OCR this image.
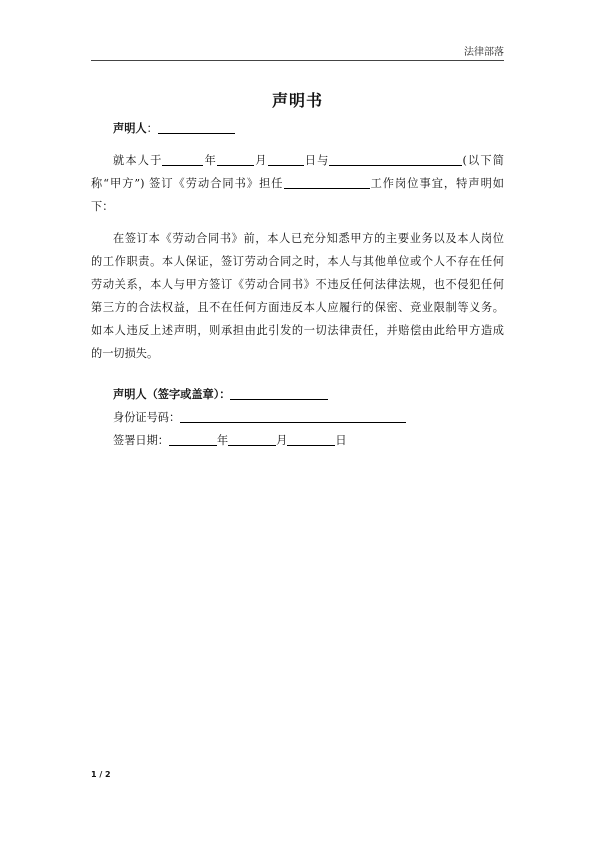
法律部落
声明书
声明人：
就本人于	年	月	日与	(以下简
称“甲方”) 签订《劳动合同书》担任	工作岗位事宜，特声明如
下：
在签订本《劳动合同书》前，本人已充分知悉甲方的主要业务以及本人岗位
的工作职责。本人保证，签订劳动合同之时，本人与其他单位或个人不存在任何
劳动关系，本人与甲方签订《劳动合同书》不违反任何法律法规，也不侵犯任何
第三方的合法权益，且不在任何方面违反本人应履行的保密、竞业限制等义务。
如本人违反上述声明，则承担由此引发的一切法律责任，并赔偿由此给甲方造成
的一切损失。
声明人（签字或盖章）：
身份证号码：
签署日期：	年	月	日
1 / 2
